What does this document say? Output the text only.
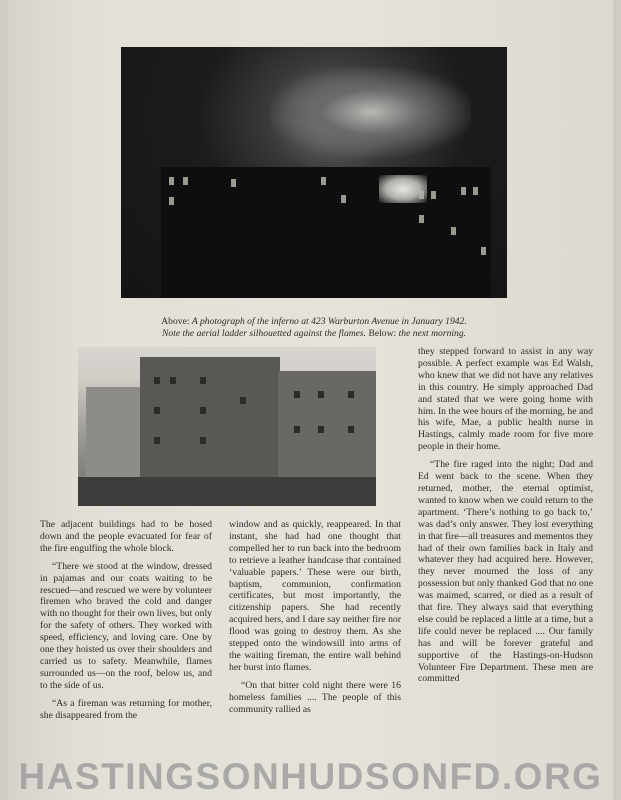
Above: A photograph of the inferno at 423 Warburton Avenue in January 1942.
Note the aerial ladder silhouetted against the flames. Below: the next morning.

The adjacent buildings had to be hosed down and the people evacuated for fear of the fire engulfing the whole block.

“There we stood at the window, dressed in pajamas and our coats waiting to be rescued—and rescued we were by volunteer firemen who braved the cold and danger with no thought for their own lives, but only for the safety of others. They worked with speed, efficiency, and loving care. One by one they hoisted us over their shoulders and carried us to safety. Meanwhile, flames surrounded us—on the roof, below us, and to the side of us.

“As a fireman was returning for mother, she disappeared from the

window and as quickly, reappeared. In that instant, she had had one thought that compelled her to run back into the bedroom to retrieve a leather handcase that contained ‘valuable papers.’ These were our birth, baptism, communion, confirmation certificates, but most importantly, the citizenship papers. She had recently acquired hers, and I dare say neither fire nor flood was going to destroy them. As she stepped onto the windowsill into arms of the waiting fireman, the entire wall behind her burst into flames.

“On that bitter cold night there were 16 homeless families .... The people of this community rallied as

they stepped forward to assist in any way possible. A perfect example was Ed Walsh, who knew that we did not have any relatives in this country. He simply approached Dad and stated that we were going home with him. In the wee hours of the morning, he and his wife, Mae, a public health nurse in Hastings, calmly made room for five more people in their home.

“The fire raged into the night; Dad and Ed went back to the scene. When they returned, mother, the eternal optimist, wanted to know when we could return to the apartment. ‘There’s nothing to go back to,’ was dad’s only answer. They lost everything in that fire—all treasures and mementos they had of their own families back in Italy and whatever they had acquired here. However, they never mourned the loss of any possession but only thanked God that no one was maimed, scarred, or died as a result of that fire. They always said that everything else could be replaced a little at a time, but a life could never be replaced .... Our family has and will be forever grateful and supportive of the Hastings-on-Hudson Volunteer Fire Department. These men are committed

HASTINGSONHUDSONFD.ORG
